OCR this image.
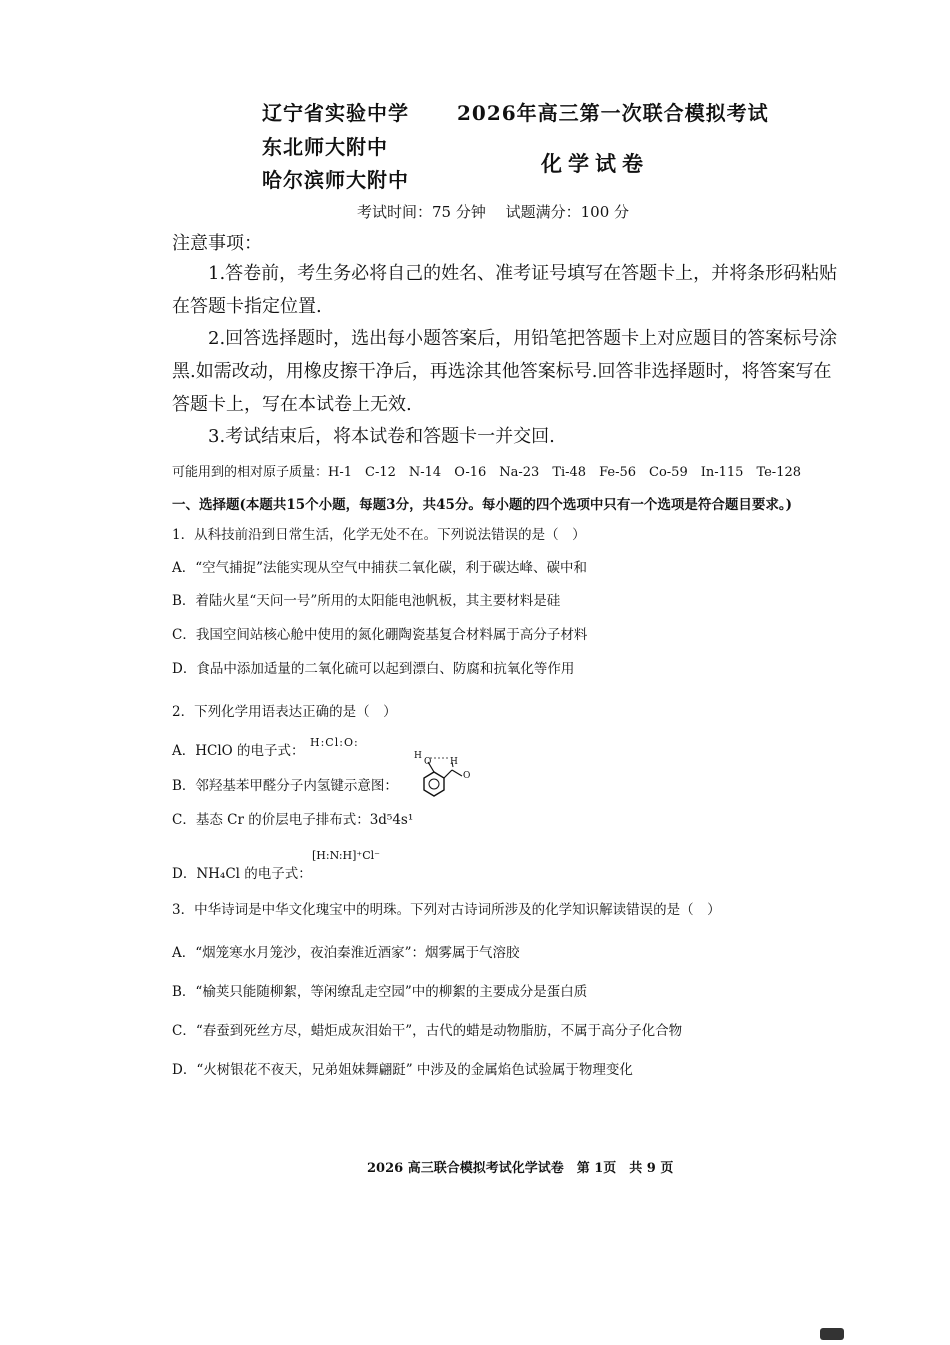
辽宁省实验中学 2026年高三第一次联合模拟考试
东北师大附中
化学试卷
哈尔滨师大附中
考试时间：75 分钟　 试题满分：100 分
注意事项：
1.答卷前，考生务必将自己的姓名、准考证号填写在答题卡上，并将条形码粘贴在答题卡指定位置.
2.回答选择题时，选出每小题答案后，用铅笔把答题卡上对应题目的答案标号涂黑.如需改动，用橡皮擦干净后，再选涂其他答案标号.回答非选择题时，将答案写在答题卡上，写在本试卷上无效.
3.考试结束后，将本试卷和答题卡一并交回.
可能用到的相对原子质量：H-1　C-12　N-14　O-16　Na-23　Ti-48　Fe-56　Co-59　In-115　Te-128
一、选择题(本题共15个小题，每题3分，共45分。每小题的四个选项中只有一个选项是符合题目要求。)
1．从科技前沿到日常生活，化学无处不在。下列说法错误的是（　）
A．“空气捕捉”法能实现从空气中捕获二氧化碳，利于碳达峰、碳中和
B．着陆火星“天问一号”所用的太阳能电池帆板，其主要材料是硅
C．我国空间站核心舱中使用的氮化硼陶瓷基复合材料属于高分子材料
D．食品中添加适量的二氧化硫可以起到漂白、防腐和抗氧化等作用
2．下列化学用语表达正确的是（　）
A．HClO 的电子式：
H:Cl:O:
B．邻羟基苯甲醛分子内氢键示意图：
H
O
O
H
C．基态 Cr 的价层电子排布式：3d⁵4s¹
D．NH₄Cl 的电子式：
[H:N:H]⁺Cl⁻
3．中华诗词是中华文化瑰宝中的明珠。下列对古诗词所涉及的化学知识解读错误的是（　）
A．“烟笼寒水月笼沙，夜泊秦淮近酒家”：烟雾属于气溶胶
B．“榆荚只能随柳絮，等闲缭乱走空园”中的柳絮的主要成分是蛋白质
C．“春蚕到死丝方尽，蜡炬成灰泪始干”，古代的蜡是动物脂肪，不属于高分子化合物
D．“火树银花不夜天，兄弟姐妹舞翩跹” 中涉及的金属焰色试验属于物理变化
2026 高三联合模拟考试化学试卷　第 1页　共 9 页
